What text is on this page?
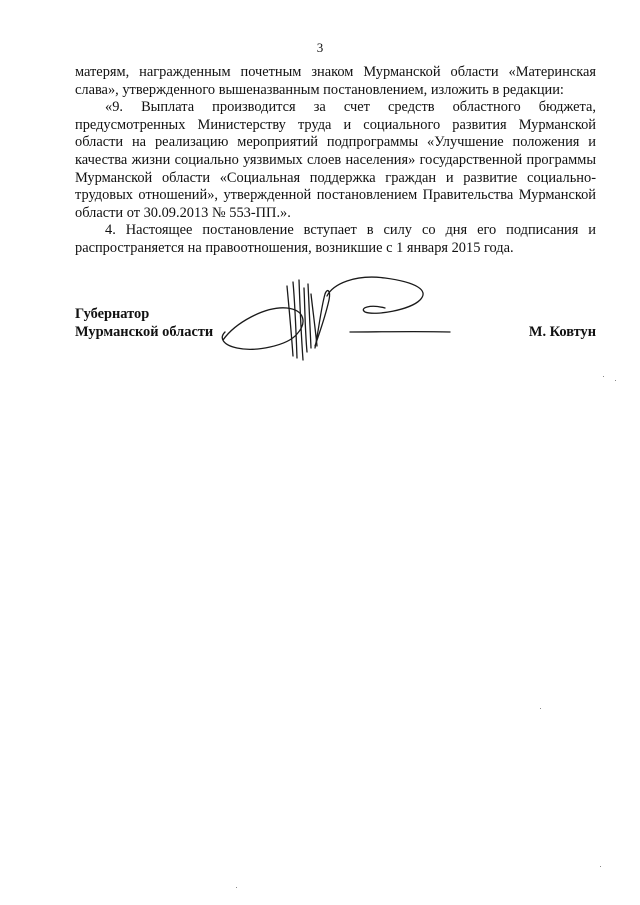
3

матерям, награжденным почетным знаком Мурманской области «Материнская слава», утвержденного вышеназванным постановлением, изложить в редакции:

«9. Выплата производится за счет средств областного бюджета, предусмотренных Министерству труда и социального развития Мурманской области на реализацию мероприятий подпрограммы «Улучшение положения и качества жизни социально уязвимых слоев населения» государственной программы Мурманской области «Социальная поддержка граждан и развитие социально-трудовых отношений», утвержденной постановлением Правительства Мурманской области от 30.09.2013 № 553-ПП.».

4. Настоящее постановление вступает в силу со дня его подписания и распространяется на правоотношения, возникшие с 1 января 2015 года.

Губернатор
Мурманской области	М. Ковтун
